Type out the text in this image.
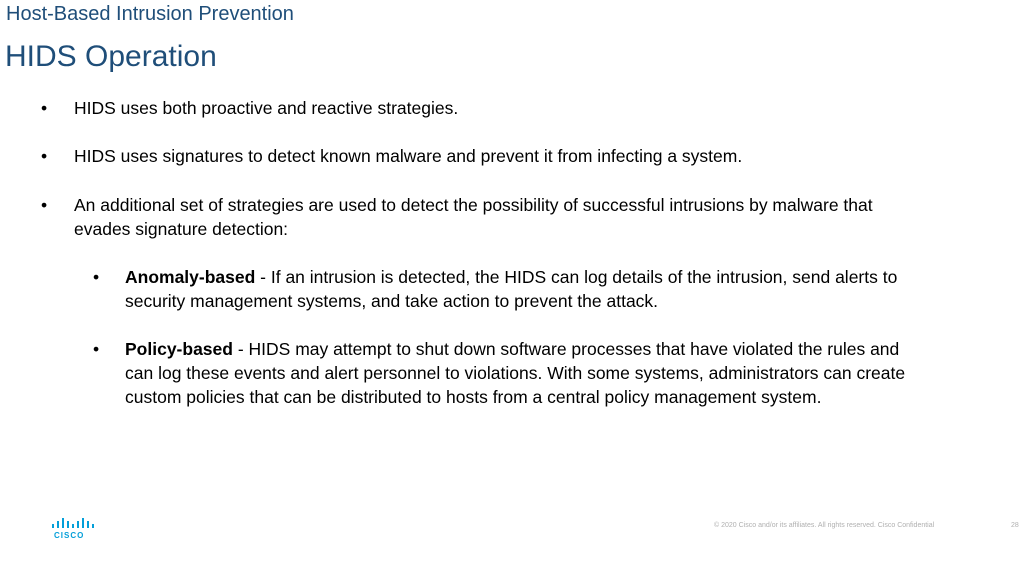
Host-Based Intrusion Prevention
HIDS Operation
• HIDS uses both proactive and reactive strategies.
• HIDS uses signatures to detect known malware and prevent it from infecting a system.
• An additional set of strategies are used to detect the possibility of successful intrusions by malware that evades signature detection:
• Anomaly-based - If an intrusion is detected, the HIDS can log details of the intrusion, send alerts to security management systems, and take action to prevent the attack.
• Policy-based - HIDS may attempt to shut down software processes that have violated the rules and can log these events and alert personnel to violations. With some systems, administrators can create custom policies that can be distributed to hosts from a central policy management system.
CISCO
© 2020 Cisco and/or its affiliates. All rights reserved. Cisco Confidential	28
